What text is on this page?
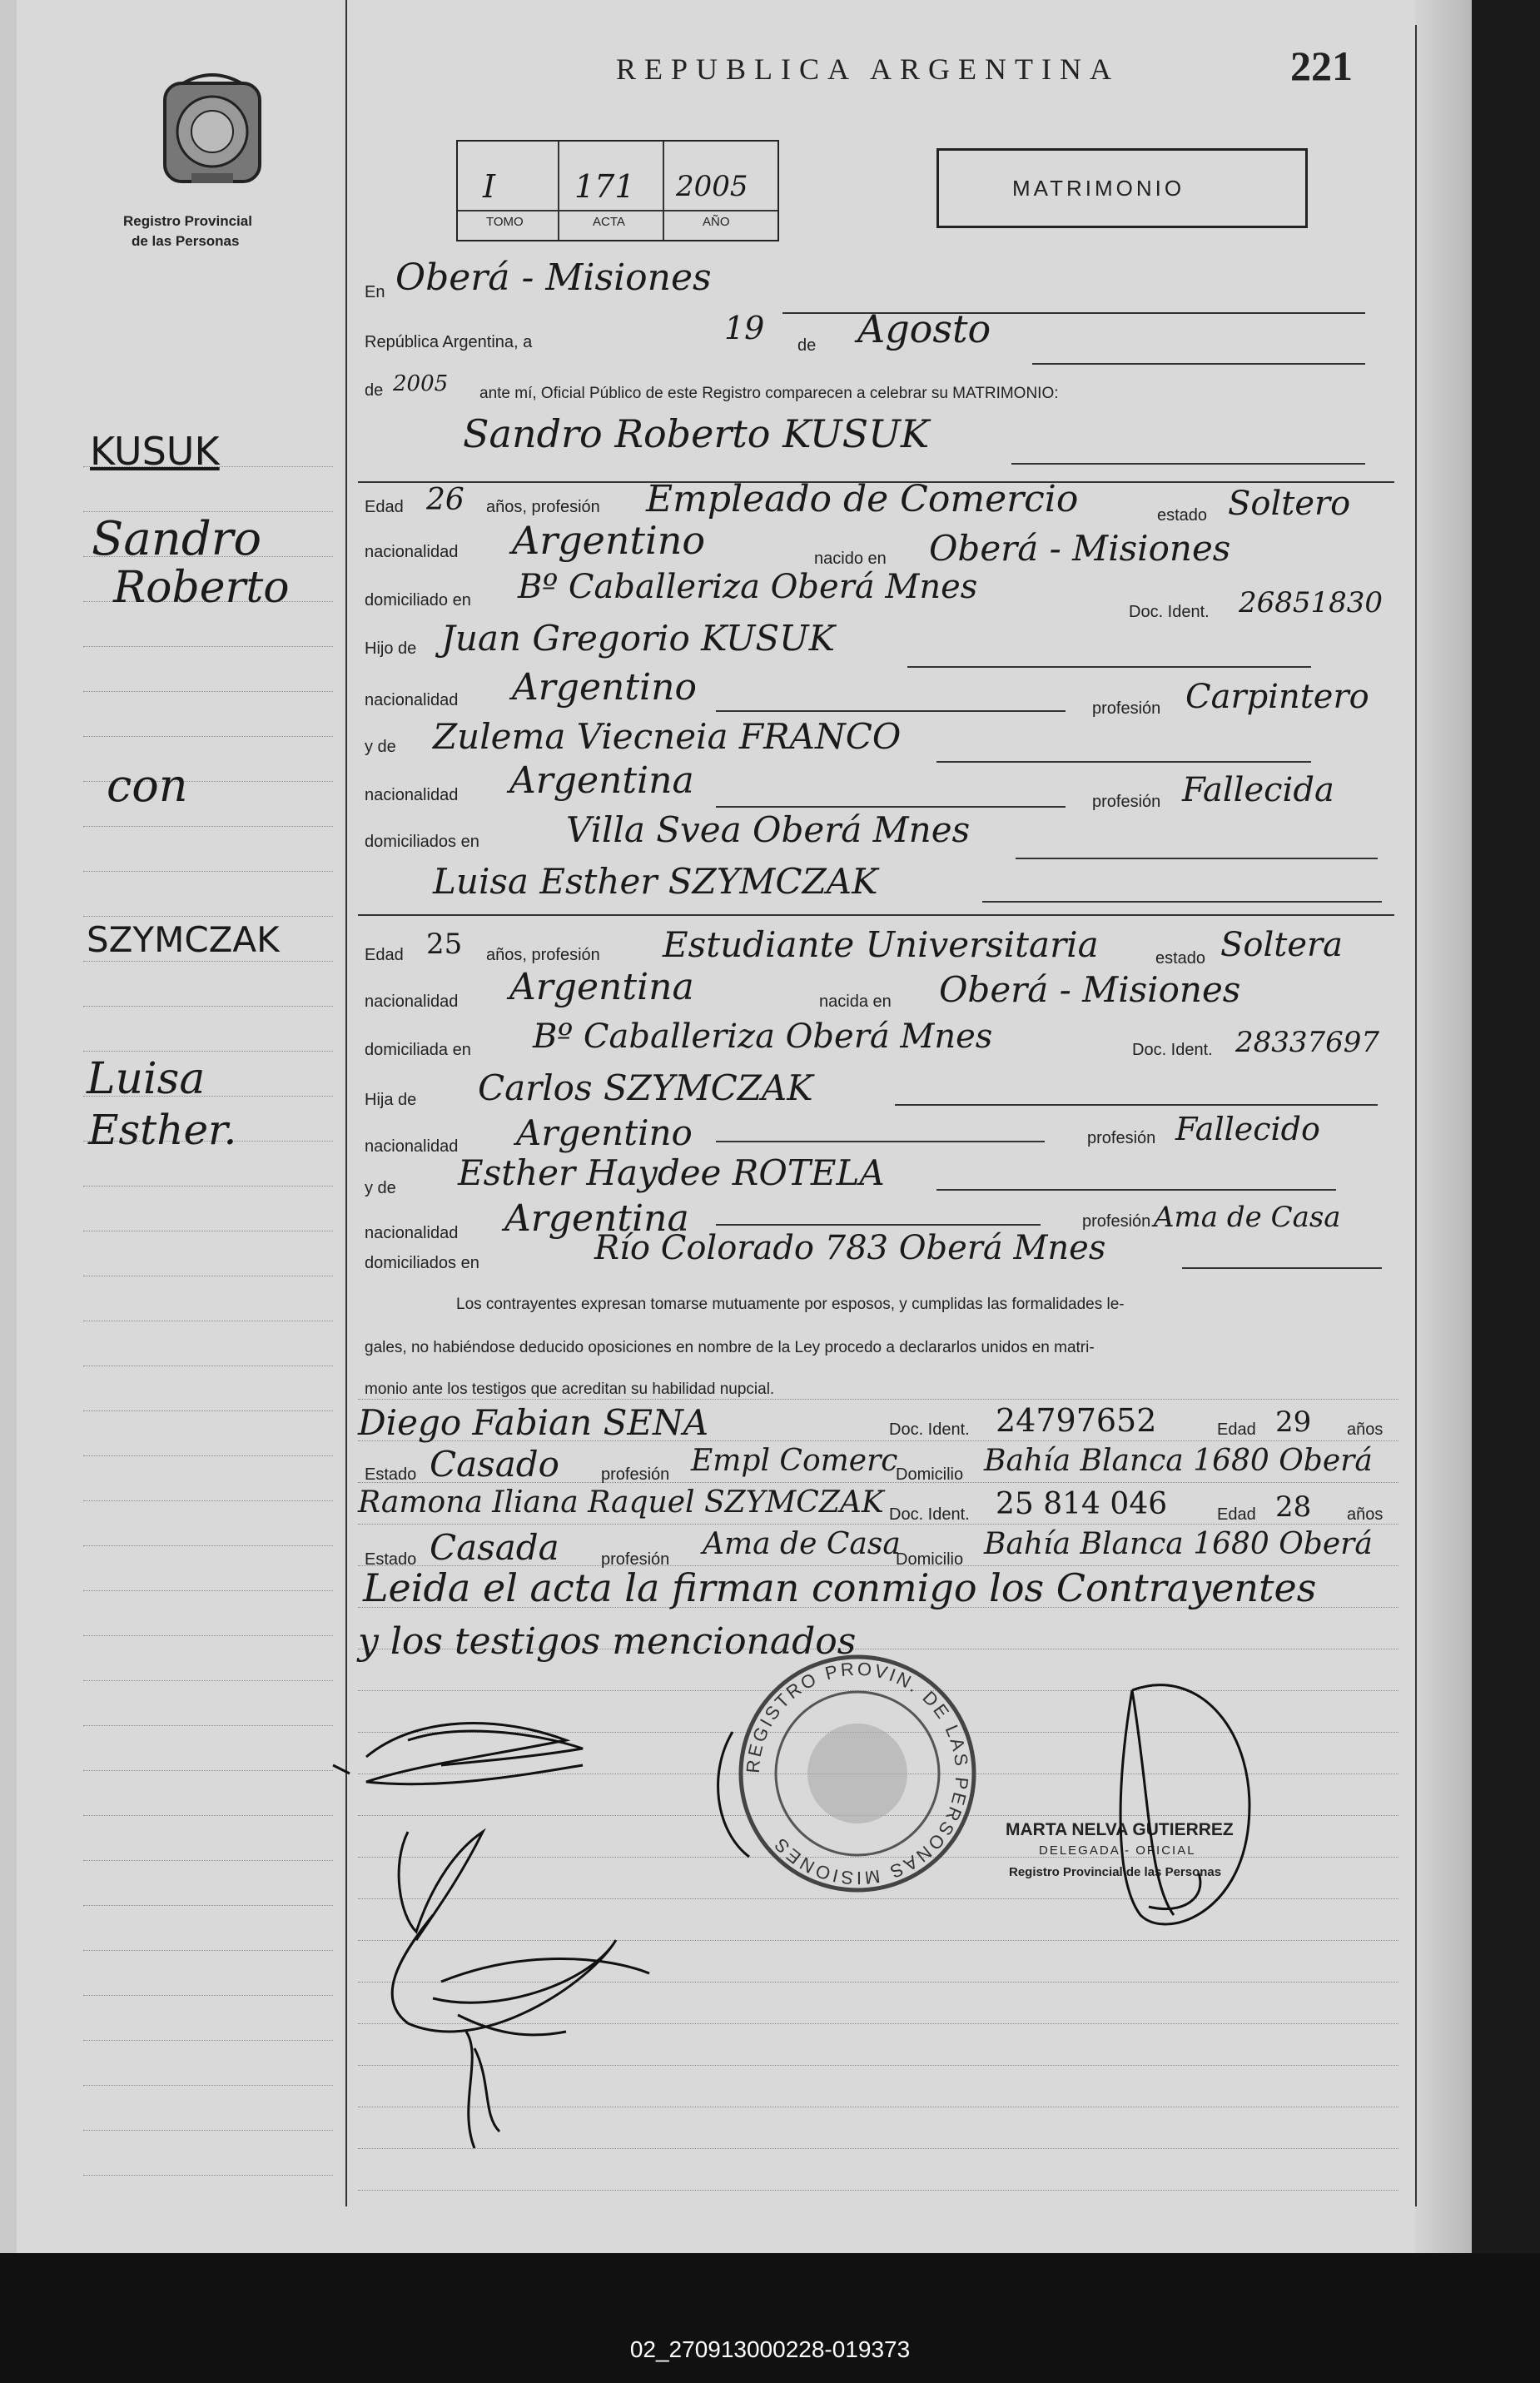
Registro Provincial
de las Personas
REPUBLICA ARGENTINA	221
I 171 2005
TOMO	ACTA	AÑO
MATRIMONIO
KUSUK
Sandro
Roberto
con
SZYMCZAK
Luisa
Esther.
En Oberá - Misiones
República Argentina, a	19 de Agosto
de 2005 ante mí, Oficial Público de este Registro comparecen a celebrar su MATRIMONIO:
Sandro Roberto KUSUK
Edad 26 años, profesión Empleado de Comercio	estado Soltero
nacionalidad Argentino	nacido en Oberá - Misiones
domiciliado en Bº Caballeriza Oberá Mnes
Doc. Ident. 26851830
Hijo de Juan Gregorio KUSUK
nacionalidad Argentino	profesión Carpintero
y de Zulema Viecneia FRANCO
nacionalidad Argentina	profesión Fallecida
domiciliados en Villa Svea Oberá Mnes
Luisa Esther SZYMCZAK
Edad 25 años, profesión Estudiante Universitaria	estado Soltera
nacionalidad Argentina	nacida en Oberá - Misiones
domiciliada en Bº Caballeriza Oberá Mnes	Doc. Ident. 28337697
Hija de Carlos SZYMCZAK
nacionalidad Argentino	profesión Fallecido
y de Esther Haydee ROTELA
nacionalidad Argentina	profesión Ama de Casa
domiciliados en	Río Colorado 783 Oberá Mnes
Los contrayentes expresan tomarse mutuamente por esposos, y cumplidas las formalidades le-
gales, no habiéndose deducido oposiciones en nombre de la Ley procedo a declararlos unidos en matri-
monio ante los testigos que acreditan su habilidad nupcial.
Diego Fabian SENA	Doc. Ident. 24797652	Edad 29 años
Estado Casado	profesión Empl Comerc
Domicilio Bahía Blanca 1680 Oberá
Ramona Iliana Raquel SZYMCZAK Doc. Ident. 25 814 046	Edad 28 años
Estado Casada	profesión Ama de Casa
Domicilio Bahía Blanca 1680 Oberá
Leida el acta la firman conmigo los Contrayentes
y los testigos mencionados
MARTA NELVA GUTIERREZ
DELEGADA - OFICIAL
Registro Provincial de las Personas
REGISTRO PROVIN. DE LAS PERSONAS MISIONES
02_270913000228-019373
